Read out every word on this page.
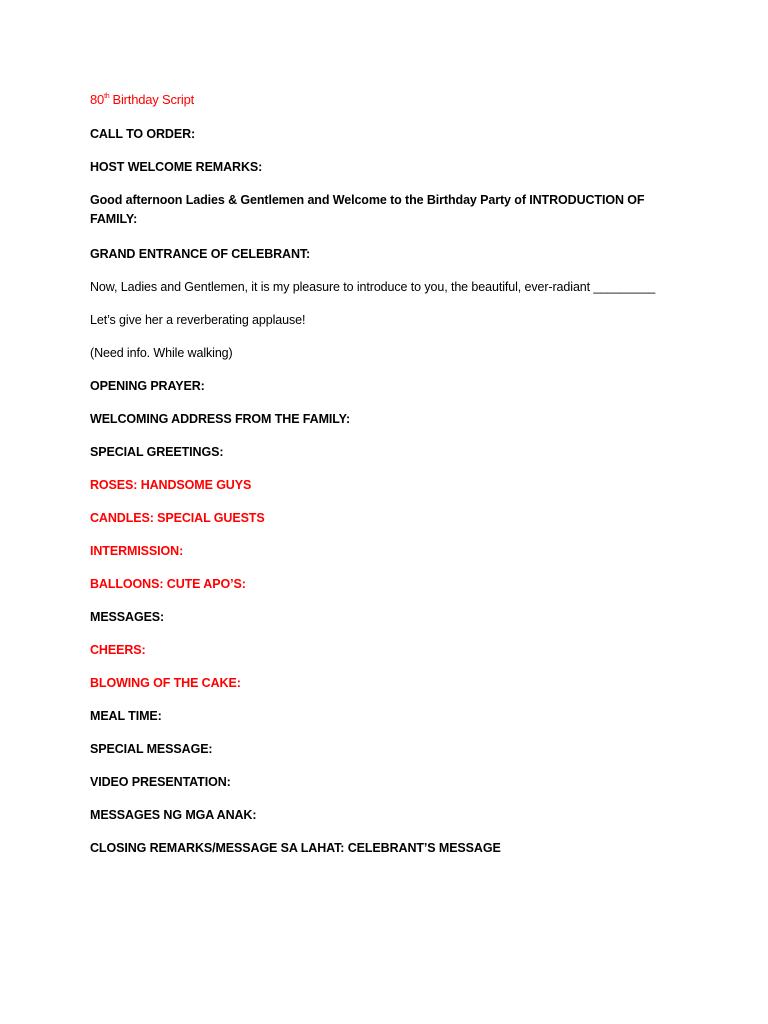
80th Birthday Script
CALL TO ORDER:
HOST WELCOME REMARKS:
Good afternoon Ladies & Gentlemen and Welcome to the Birthday Party of INTRODUCTION OF FAMILY:
GRAND ENTRANCE OF CELEBRANT:
Now, Ladies and Gentlemen, it is my pleasure to introduce to you, the beautiful, ever-radiant _________
Let’s give her a reverberating applause!
(Need info. While walking)
OPENING PRAYER:
WELCOMING ADDRESS FROM THE FAMILY:
SPECIAL GREETINGS:
ROSES: HANDSOME GUYS
CANDLES: SPECIAL GUESTS
INTERMISSION:
BALLOONS: CUTE APO’S:
MESSAGES:
CHEERS:
BLOWING OF THE CAKE:
MEAL TIME:
SPECIAL MESSAGE:
VIDEO PRESENTATION:
MESSAGES NG MGA ANAK:
CLOSING REMARKS/MESSAGE SA LAHAT: CELEBRANT’S MESSAGE
